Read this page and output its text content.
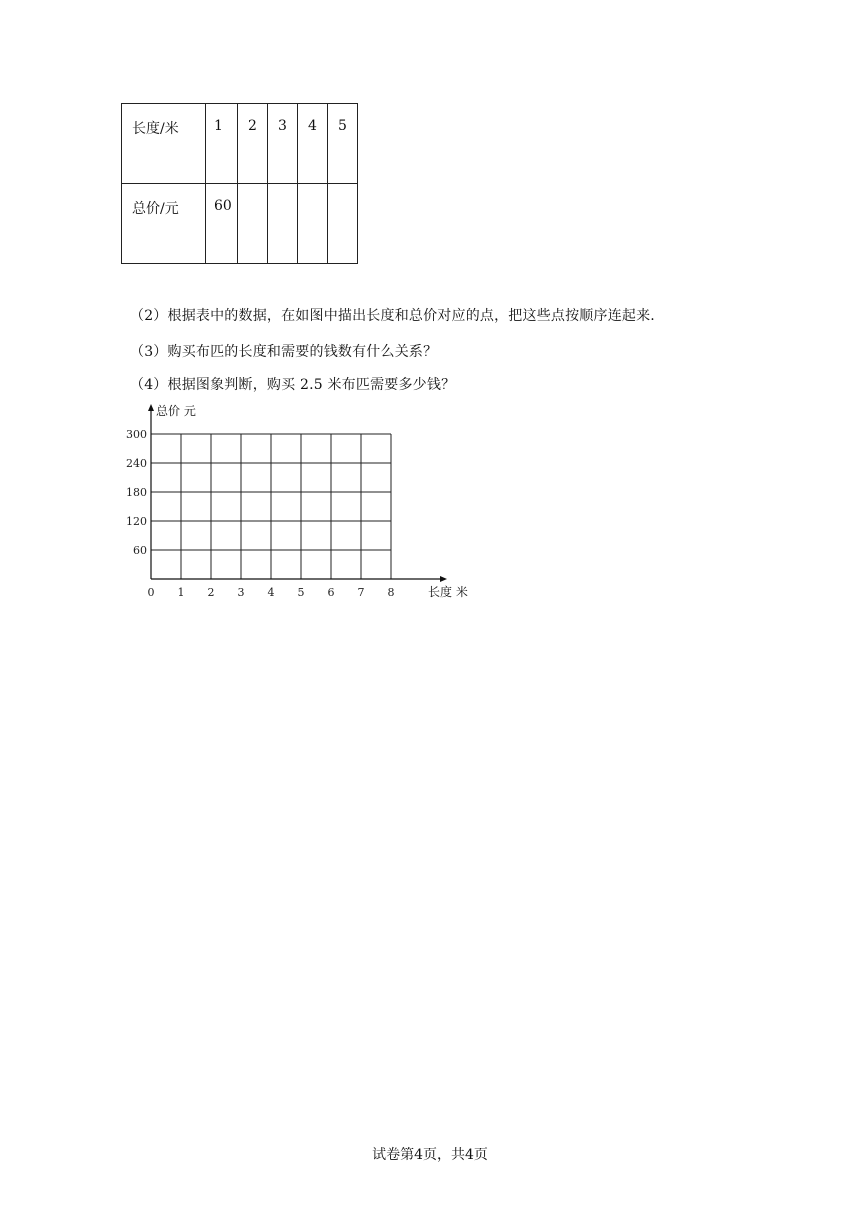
长度/米	1	2	3	4	5
总价/元	60				
（2）根据表中的数据，在如图中描出长度和总价对应的点，把这些点按顺序连起来.
（3）购买布匹的长度和需要的钱数有什么关系？
（4）根据图象判断，购买 2.5 米布匹需要多少钱？
0 1 2 3 4 5 6 7 8
60
120
180
240
300
总价 元
长度 米
试卷第4页，共4页
